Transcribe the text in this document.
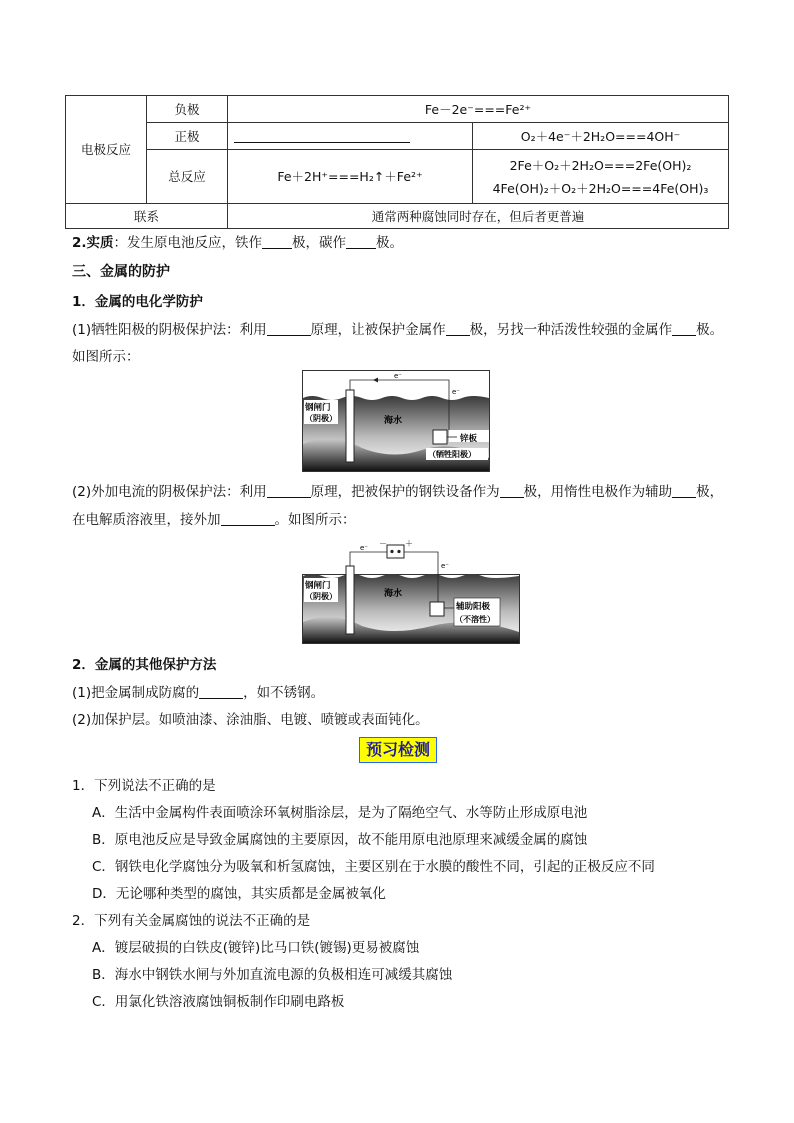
电极反应	负极	Fe－2e⁻===Fe²⁺	
	正极		O₂＋4e⁻＋2H₂O===4OH⁻
	总反应	Fe＋2H⁺===H₂↑＋Fe²⁺	2Fe＋O₂＋2H₂O===2Fe(OH)₂
4Fe(OH)₂＋O₂＋2H₂O===4Fe(OH)₃

联系		通常两种腐蚀同时存在，但后者更普遍	
2.实质：发生原电池反应，铁作 极，碳作 极。
三、金属的防护
1．金属的电化学防护
(1)牺牲阳极的阴极保护法：利用	原理，让被保护金属作 极，另找一种活泼性较强的金属作 极。
如图所示：
e⁻
e⁻
钢闸门
（阴极）	海水
锌板
（牺牲阳极）
(2)外加电流的阴极保护法：利用	原理，把被保护的钢铁设备作为 极，用惰性电极作为辅助 极，
在电解质溶液里，接外加	。如图所示：
－ ＋
e⁻
e⁻
钢闸门
（阴极）	海水
辅助阳极
（不溶性）
2．金属的其他保护方法
(1)把金属制成防腐的	，如不锈钢。
(2)加保护层。如喷油漆、涂油脂、电镀、喷镀或表面钝化。
预习检测
1．下列说法不正确的是
A．生活中金属构件表面喷涂环氧树脂涂层，是为了隔绝空气、水等防止形成原电池
B．原电池反应是导致金属腐蚀的主要原因，故不能用原电池原理来减缓金属的腐蚀
C．钢铁电化学腐蚀分为吸氧和析氢腐蚀，主要区别在于水膜的酸性不同，引起的正极反应不同
D．无论哪种类型的腐蚀，其实质都是金属被氧化
2．下列有关金属腐蚀的说法不正确的是
A．镀层破损的白铁皮(镀锌)比马口铁(镀锡)更易被腐蚀
B．海水中钢铁水闸与外加直流电源的负极相连可减缓其腐蚀
C．用氯化铁溶液腐蚀铜板制作印刷电路板
